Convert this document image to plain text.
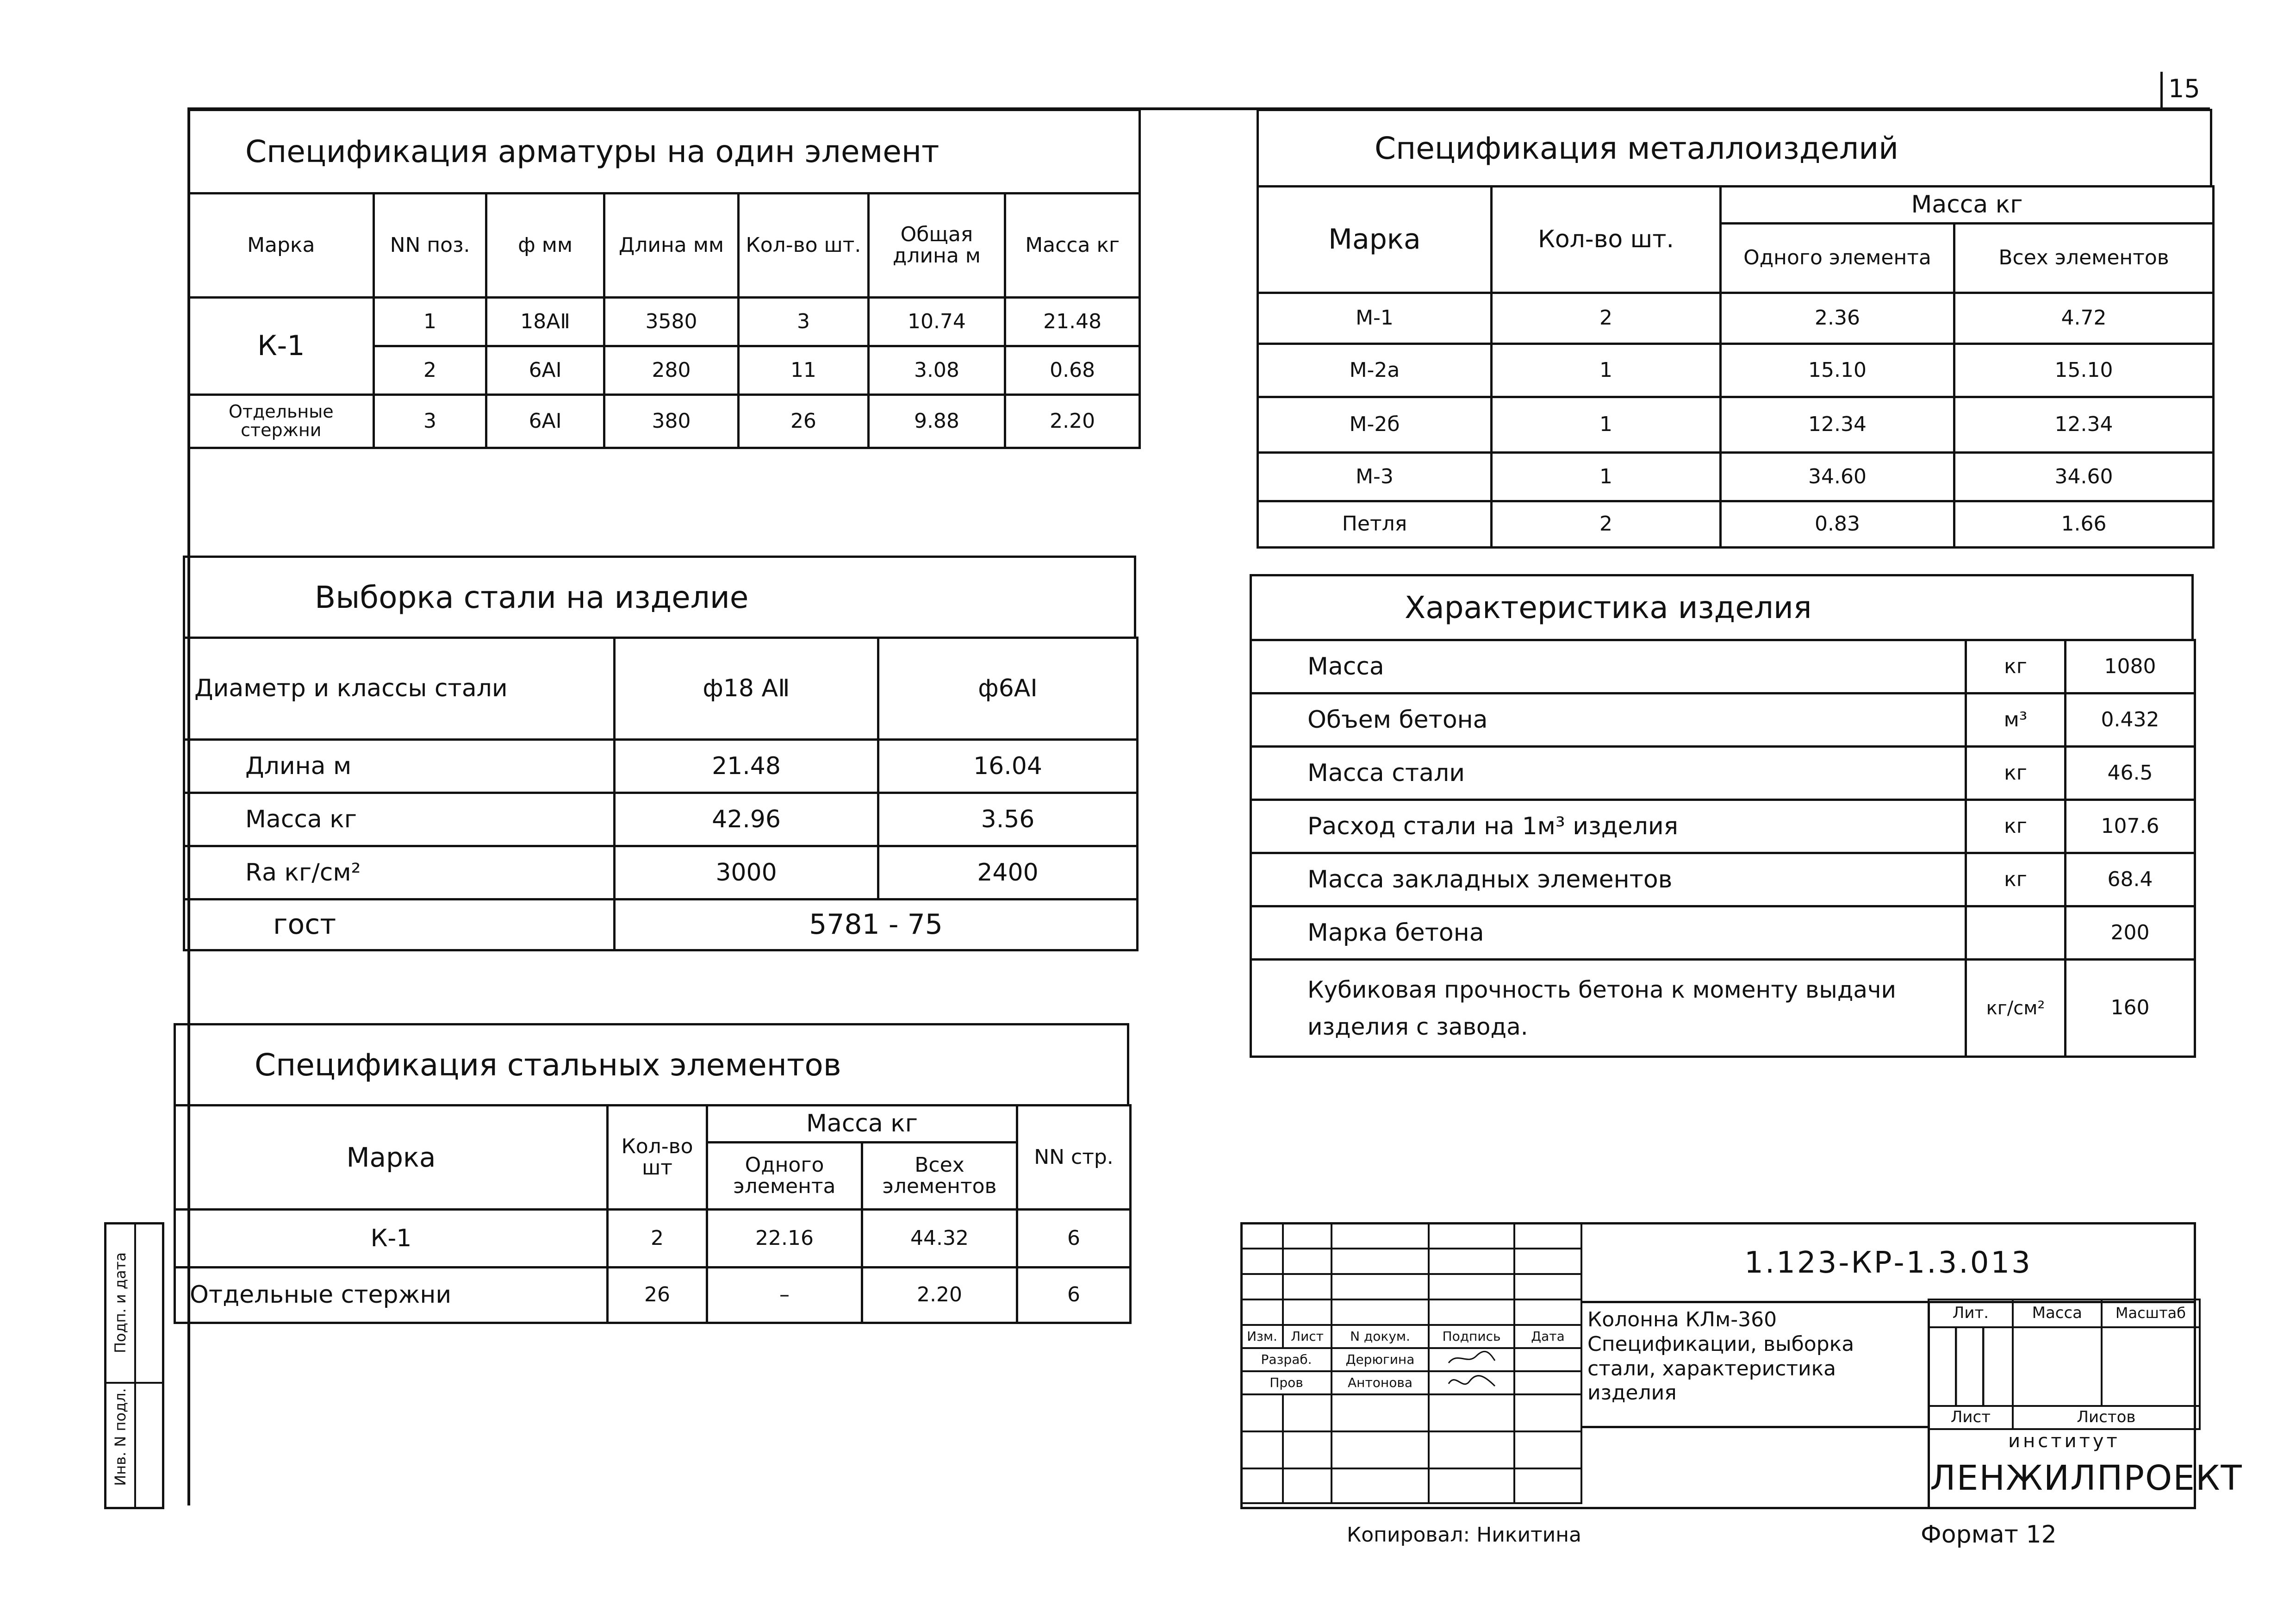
15
Спецификация арматуры на один элемент
Марка	NN поз.	ф мм	Длина мм	Кол-во шт.	Общая длина м	Масса кг
К-1	1	18AⅡ	3580	3	10.74	21.48
	2	6AI	280	11	3.08	0.68
Отдельные стержни	3	6AI	380	26	9.88	2.20
Выборка стали на изделие
Диаметр и классы стали	ф18 АⅡ	ф6АI
Длина м	21.48	16.04
Масса кг	42.96	3.56
Rа кг/см²	3000	2400
гост	5781 - 75	
Спецификация стальных элементов
Марка	Кол-во шт	Масса кг		NN стр.
		Одного элемента	Всех элементов	
К-1	2	22.16	44.32	6
Отдельные стержни	26	–	2.20	6
Спецификация металлоизделий
Марка	Кол-во шт.	Масса кг	
		Одного элемента	Всех элементов
М-1	2	2.36	4.72
М-2а	1	15.10	15.10
М-2б	1	12.34	12.34
М-3	1	34.60	34.60
Петля	2	0.83	1.66
Характеристика изделия
Масса	кг	1080
Объем бетона	м³	0.432
Масса стали	кг	46.5
Расход стали на 1м³ изделия	кг	107.6
Масса закладных элементов	кг	68.4
Марка бетона		200
Кубиковая прочность бетона к моменту выдачи изделия с завода.	кг/см²	160
Инв. N подл.
Подп. и дата

					Изм.	Лист	N докум.	Подпись	Дата
Разраб.		Дерюгина		
Пров		Антонова		

1.123-КР-1.3.013
Колонна КЛм-360 Спецификации, выборка стали, характеристика изделия
Лит.	Масса	Масштаб

Лист	Листов	
институт
ЛЕНЖИЛПРОЕКТ
Копировал: Никитина	Формат 12
